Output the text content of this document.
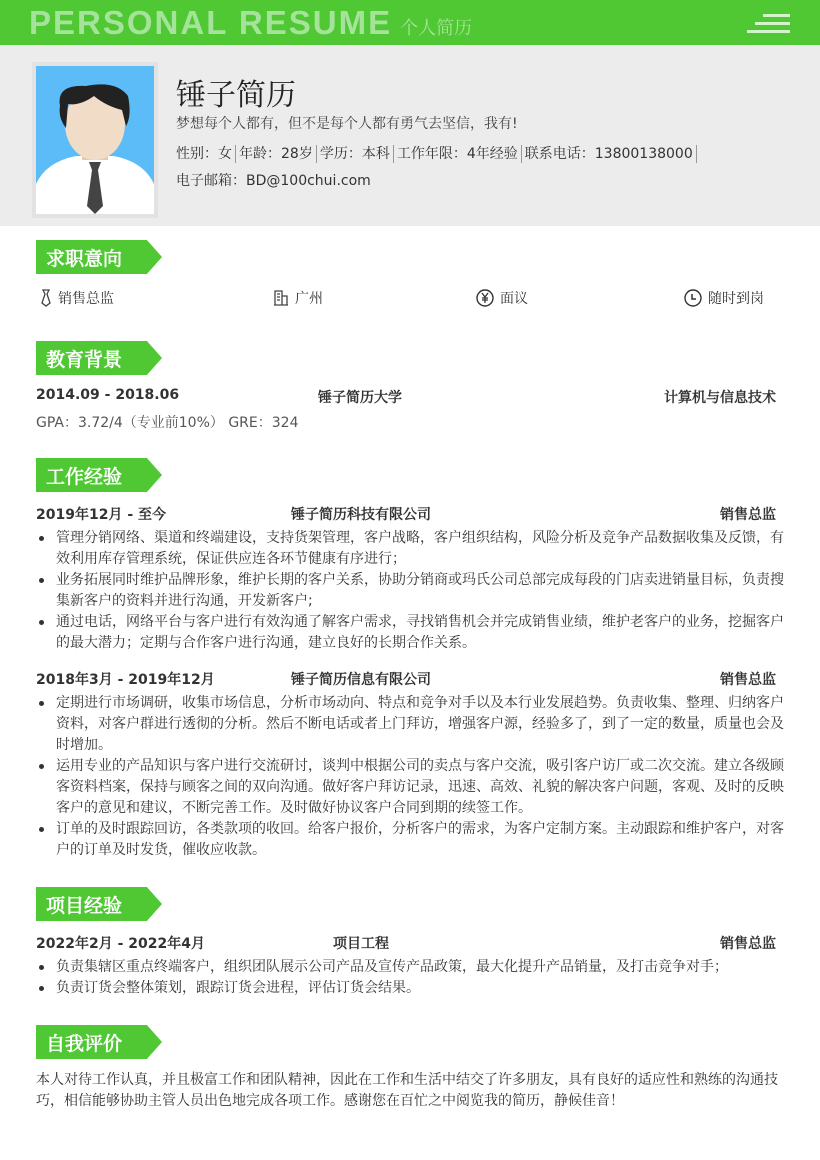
PERSONAL RESUME 个人简历
锤子简历
梦想每个人都有，但不是每个人都有勇气去坚信，我有!
性别：女 年龄：28岁 学历：本科 工作年限：4年经验 联系电话：13800138000
电子邮箱：BD@100chui.com
求职意向
销售总监	广州	面议	随时到岗
教育背景
2014.09 - 2018.06	锤子简历大学	计算机与信息技术
GPA：3.72/4（专业前10%） GRE：324
工作经验
2019年12月 - 至今	锤子简历科技有限公司	销售总监
管理分销网络、渠道和终端建设，支持货架管理，客户战略，客户组织结构，风险分析及竞争产品数据收集及反馈，有效利用库存管理系统，保证供应连各环节健康有序进行；
业务拓展同时维护品牌形象，维护长期的客户关系，协助分销商或玛氏公司总部完成每段的门店卖进销量目标，负责搜集新客户的资料并进行沟通，开发新客户;
通过电话，网络平台与客户进行有效沟通了解客户需求，寻找销售机会并完成销售业绩，维护老客户的业务，挖掘客户的最大潜力；定期与合作客户进行沟通，建立良好的长期合作关系。
2018年3月 - 2019年12月	锤子简历信息有限公司	销售总监
定期进行市场调研，收集市场信息，分析市场动向、特点和竞争对手以及本行业发展趋势。负责收集、整理、归纳客户资料，对客户群进行透彻的分析。然后不断电话或者上门拜访，增强客户源，经验多了，到了一定的数量，质量也会及时增加。
运用专业的产品知识与客户进行交流研讨，谈判中根据公司的卖点与客户交流，吸引客户访厂或二次交流。建立各级顾客资料档案，保持与顾客之间的双向沟通。做好客户拜访记录，迅速、高效、礼貌的解决客户问题，客观、及时的反映客户的意见和建议，不断完善工作。及时做好协议客户合同到期的续签工作。
订单的及时跟踪回访，各类款项的收回。给客户报价，分析客户的需求，为客户定制方案。主动跟踪和维护客户，对客户的订单及时发货，催收应收款。
项目经验
2022年2月 - 2022年4月	项目工程	销售总监
负责集辖区重点终端客户，组织团队展示公司产品及宣传产品政策，最大化提升产品销量，及打击竞争对手；
负责订货会整体策划，跟踪订货会进程，评估订货会结果。
自我评价
本人对待工作认真，并且极富工作和团队精神，因此在工作和生活中结交了许多朋友，具有良好的适应性和熟练的沟通技巧，相信能够协助主管人员出色地完成各项工作。感谢您在百忙之中阅览我的简历，静候佳音！
